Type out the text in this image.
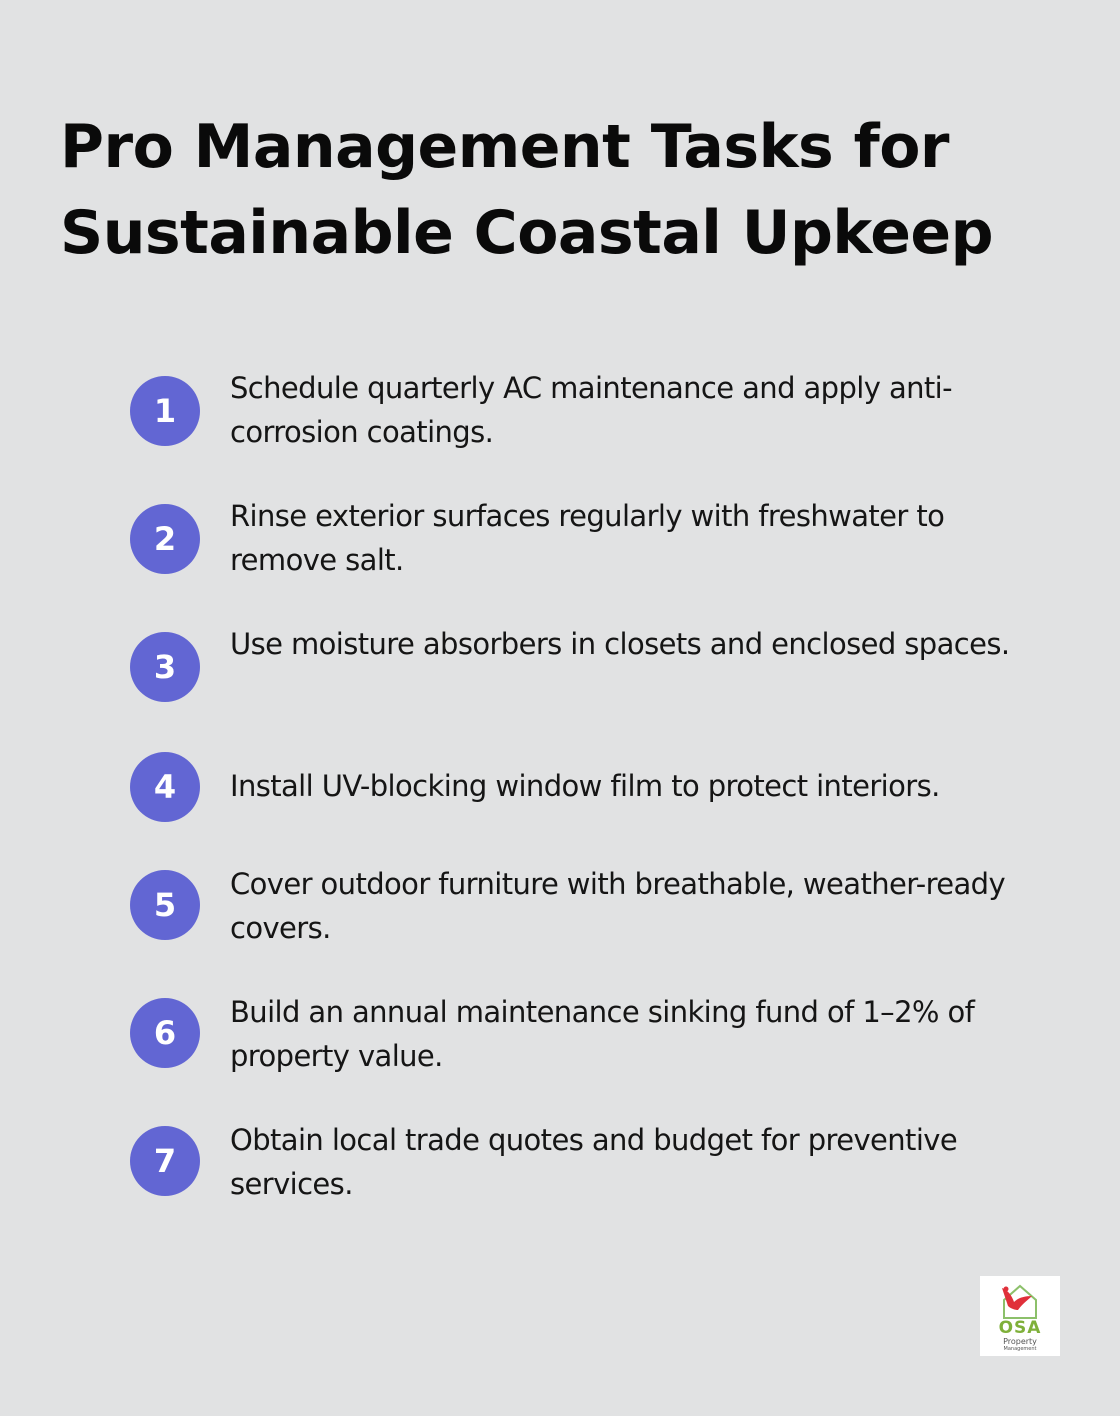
Pro Management Tasks for Sustainable Coastal Upkeep
1

Schedule quarterly AC maintenance and apply anti-corrosion coatings.

2

Rinse exterior surfaces regularly with freshwater to remove salt.

3

Use moisture absorbers in closets and enclosed spaces.

4	Install UV-blocking window film to protect interiors.

5

Cover outdoor furniture with breathable, weather-ready covers.

6

Build an annual maintenance sinking fund of 1–2% of property value.

7

Obtain local trade quotes and budget for preventive services.

OSA
Property
Management
